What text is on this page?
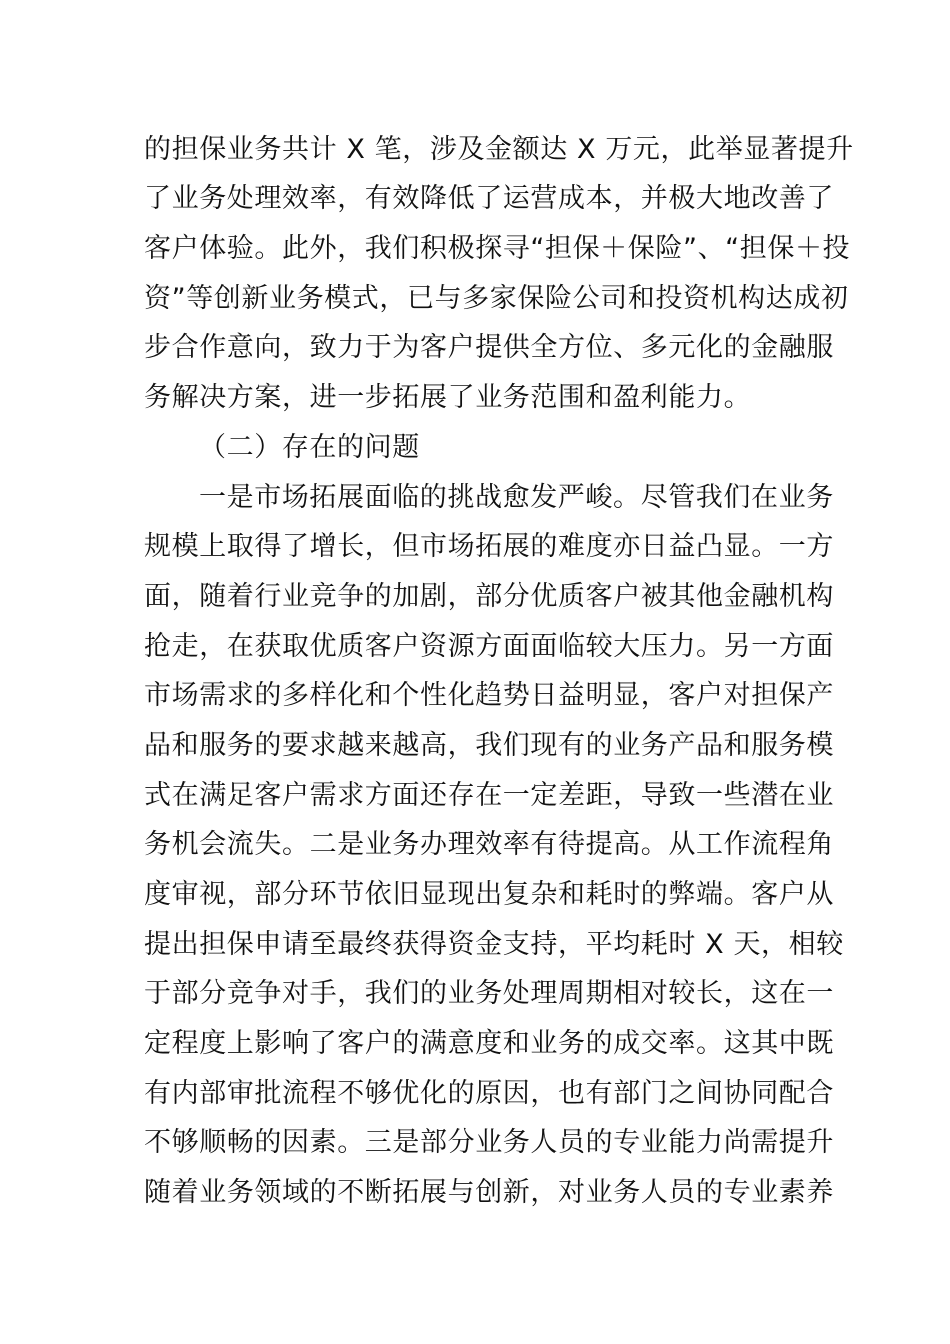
的担保业务共计 X 笔，涉及金额达 X 万元，此举显著提升
了业务处理效率，有效降低了运营成本，并极大地改善了
客户体验。此外，我们积极探寻“担保＋保险”、“担保＋投
资”等创新业务模式，已与多家保险公司和投资机构达成初
步合作意向，致力于为客户提供全方位、多元化的金融服
务解决方案，进一步拓展了业务范围和盈利能力。
（二）存在的问题
一是市场拓展面临的挑战愈发严峻。尽管我们在业务
规模上取得了增长，但市场拓展的难度亦日益凸显。一方
面，随着行业竞争的加剧，部分优质客户被其他金融机构
抢走，在获取优质客户资源方面面临较大压力。另一方面
市场需求的多样化和个性化趋势日益明显，客户对担保产
品和服务的要求越来越高，我们现有的业务产品和服务模
式在满足客户需求方面还存在一定差距，导致一些潜在业
务机会流失。二是业务办理效率有待提高。从工作流程角
度审视，部分环节依旧显现出复杂和耗时的弊端。客户从
提出担保申请至最终获得资金支持，平均耗时 X 天，相较
于部分竞争对手，我们的业务处理周期相对较长，这在一
定程度上影响了客户的满意度和业务的成交率。这其中既
有内部审批流程不够优化的原因，也有部门之间协同配合
不够顺畅的因素。三是部分业务人员的专业能力尚需提升
随着业务领域的不断拓展与创新，对业务人员的专业素养
